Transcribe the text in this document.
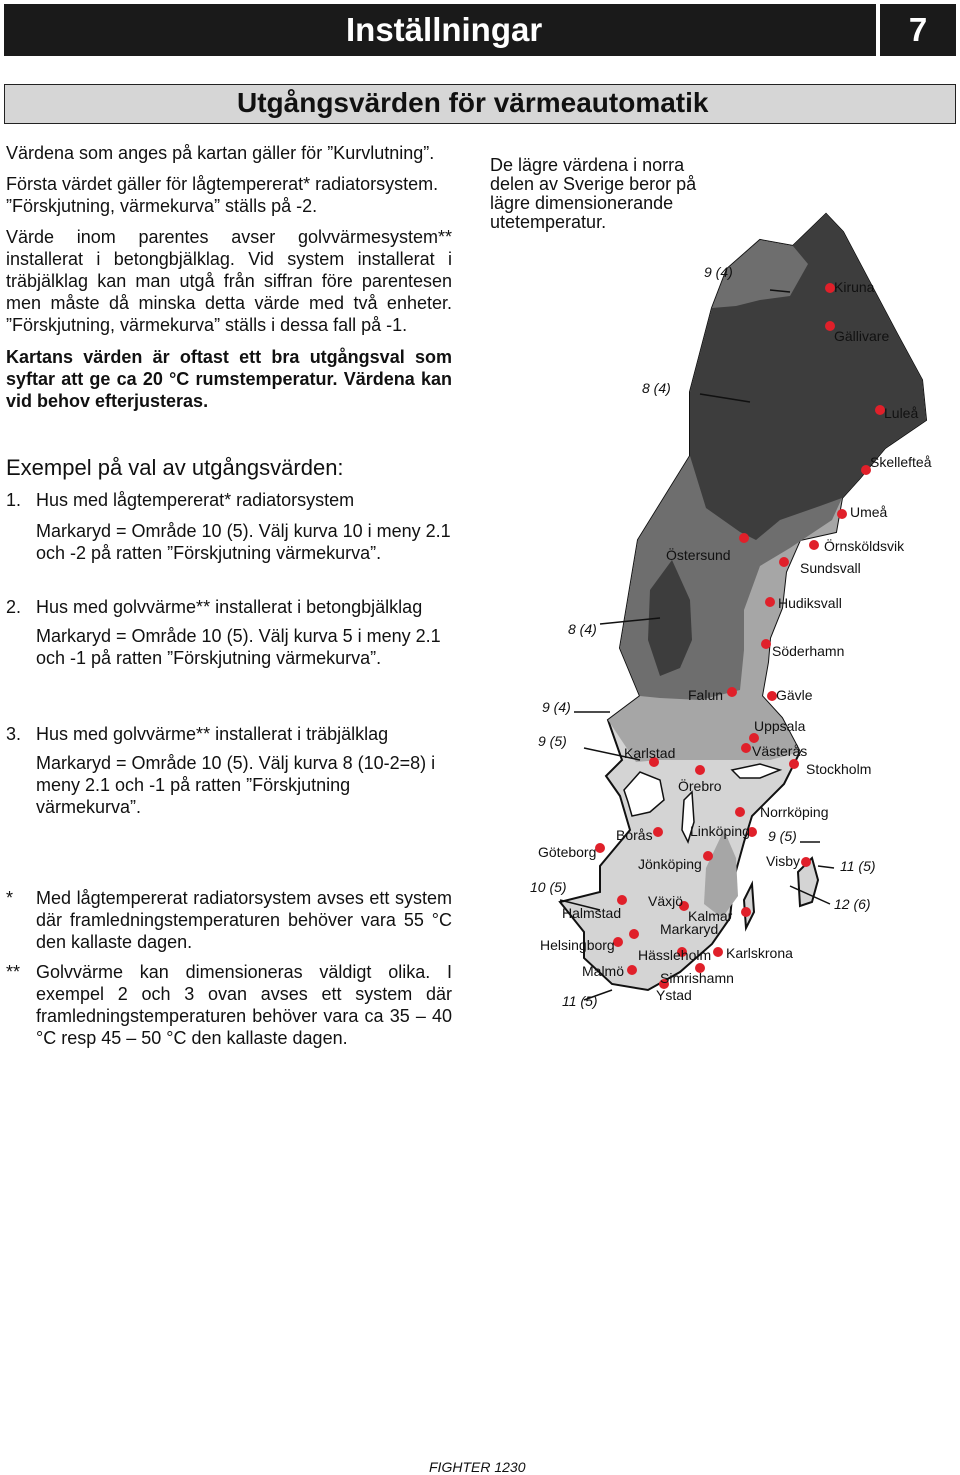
Inställningar	7
Utgångsvärden för värmeautomatik

Värdena som anges på kartan gäller för ”Kurvlutning”.

Första värdet gäller för lågtempererat* radiatorsystem.

”Förskjutning, värmekurva” ställs på -2.

Värde inom parentes avser golvvärmesystem** installerat i betongbjälklag. Vid system installerat i träbjälklag kan man utgå från siffran före parentesen men måste då minska detta värde med två enheter. ”Förskjutning, värmekurva” ställs i dessa fall på -1.

Kartans värden är oftast ett bra utgångsval som syftar att ge ca 20 °C rumstemperatur. Värdena kan vid behov efterjusteras.

De lägre värdena i norra delen av Sverige beror på lägre dimensionerande utetemperatur.
Exempel på val av utgångsvärden:
1. Hus med lågtempererat* radiatorsystem
Markaryd = Område 10 (5). Välj kurva 10 i meny 2.1 och -2 på ratten ”Förskjutning värmekurva”.
2. Hus med golvvärme** installerat i betongbjälklag
Markaryd = Område 10 (5). Välj kurva 5 i meny 2.1 och -1 på ratten ”Förskjutning värmekurva”.
3. Hus med golvvärme** installerat i träbjälklag
Markaryd = Område 10 (5). Välj kurva 8 (10-2=8) i meny 2.1 och -1 på ratten ”Förskjutning värmekurva”.
* Med lågtempererat radiatorsystem avses ett system där framledningstemperaturen behöver vara 55 °C den kallaste dagen.
** Golvvärme kan dimensioneras väldigt olika. I exempel 2 och 3 ovan avses ett system där framledningstemperaturen behöver vara ca 35 – 40 °C resp 45 – 50 °C den kallaste dagen.
Kiruna
Gällivare
Luleå
Skellefteå
Umeå
Örnsköldsvik
Sundsvall
Östersund
Hudiksvall
Söderhamn
Falun	Gävle
Uppsala
Västerås
Karlstad
Stockholm
Örebro
Norrköping
Linköping
Borås
Göteborg
Jönköping	Visby
Växjö
Halmstad	Kalmar
Markaryd
Helsingborg
Hässleholm Karlskrona
Malmö	Simrishamn
Ystad
9 (4)
8 (4)
8 (4)
9 (4)
9 (5)
10 (5)
11 (5)
9 (5)
11 (5)
12 (6)
FIGHTER 1230
